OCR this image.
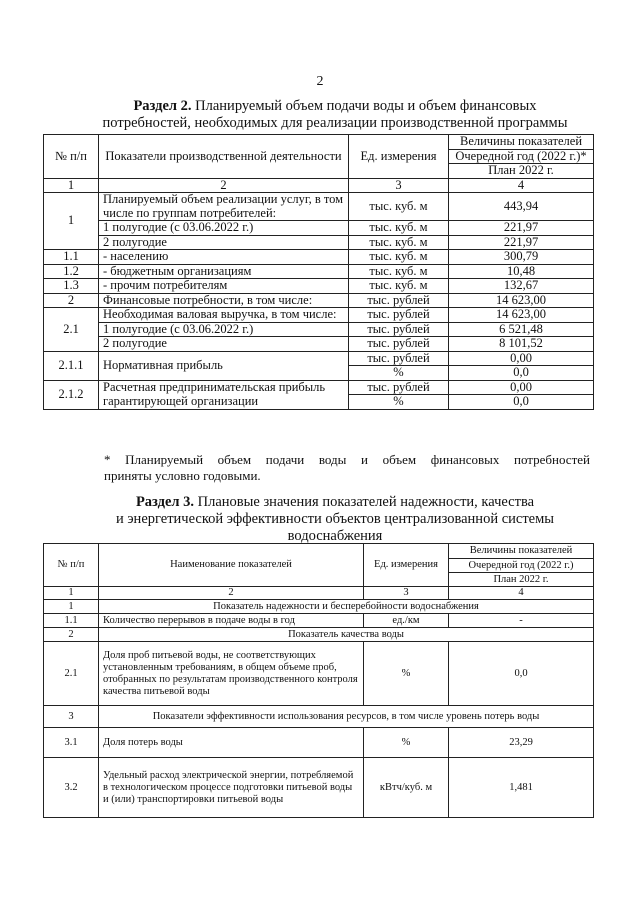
2
Раздел 2. Планируемый объем подачи воды и объем финансовых
потребностей, необходимых для реализации производственной программы
№ п/п	Показатели производственной деятельности	Ед. измерения	Величины показателей
			Очередной год (2022 г.)*
			План 2022 г.
1	2	3	4
1	Планируемый объем реализации услуг, в том числе по группам потребителей:	тыс. куб. м	443,94
	1 полугодие (с 03.06.2022 г.)	тыс. куб. м	221,97
	2 полугодие	тыс. куб. м	221,97
1.1	- населению	тыс. куб. м	300,79
1.2	- бюджетным организациям	тыс. куб. м	10,48
1.3	- прочим потребителям	тыс. куб. м	132,67
2	Финансовые потребности, в том числе:	тыс. рублей	14 623,00
2.1	Необходимая валовая выручка, в том числе:	тыс. рублей	14 623,00
	1 полугодие (с 03.06.2022 г.)	тыс. рублей	6 521,48
	2 полугодие	тыс. рублей	8 101,52
2.1.1	Нормативная прибыль	тыс. рублей	0,00
		%	0,0
2.1.2	Расчетная предпринимательская прибыль гарантирующей организации	тыс. рублей	0,00
		%	0,0
* Планируемый объем подачи воды и объем финансовых потребностей
приняты условно годовыми.
Раздел 3. Плановые значения показателей надежности, качества
и энергетической эффективности объектов централизованной системы
водоснабжения
№ п/п	Наименование показателей	Ед. измерения	Величины показателей
			Очередной год (2022 г.)
			План 2022 г.
1	2	3	4
1	Показатель надежности и бесперебойности водоснабжения		
1.1	Количество перерывов в подаче воды в год	ед./км	-
2	Показатель качества воды		
2.1	Доля проб питьевой воды, не соответствующих установленным требованиям, в общем объеме проб, отобранных по результатам производственного контроля качества питьевой воды	%	0,0
3	Показатели эффективности использования ресурсов, в том числе уровень потерь воды		
3.1	Доля потерь воды	%	23,29
3.2	Удельный расход электрической энергии, потребляемой в технологическом процессе подготовки питьевой воды и (или) транспортировки питьевой воды	кВтч/куб. м	1,481
